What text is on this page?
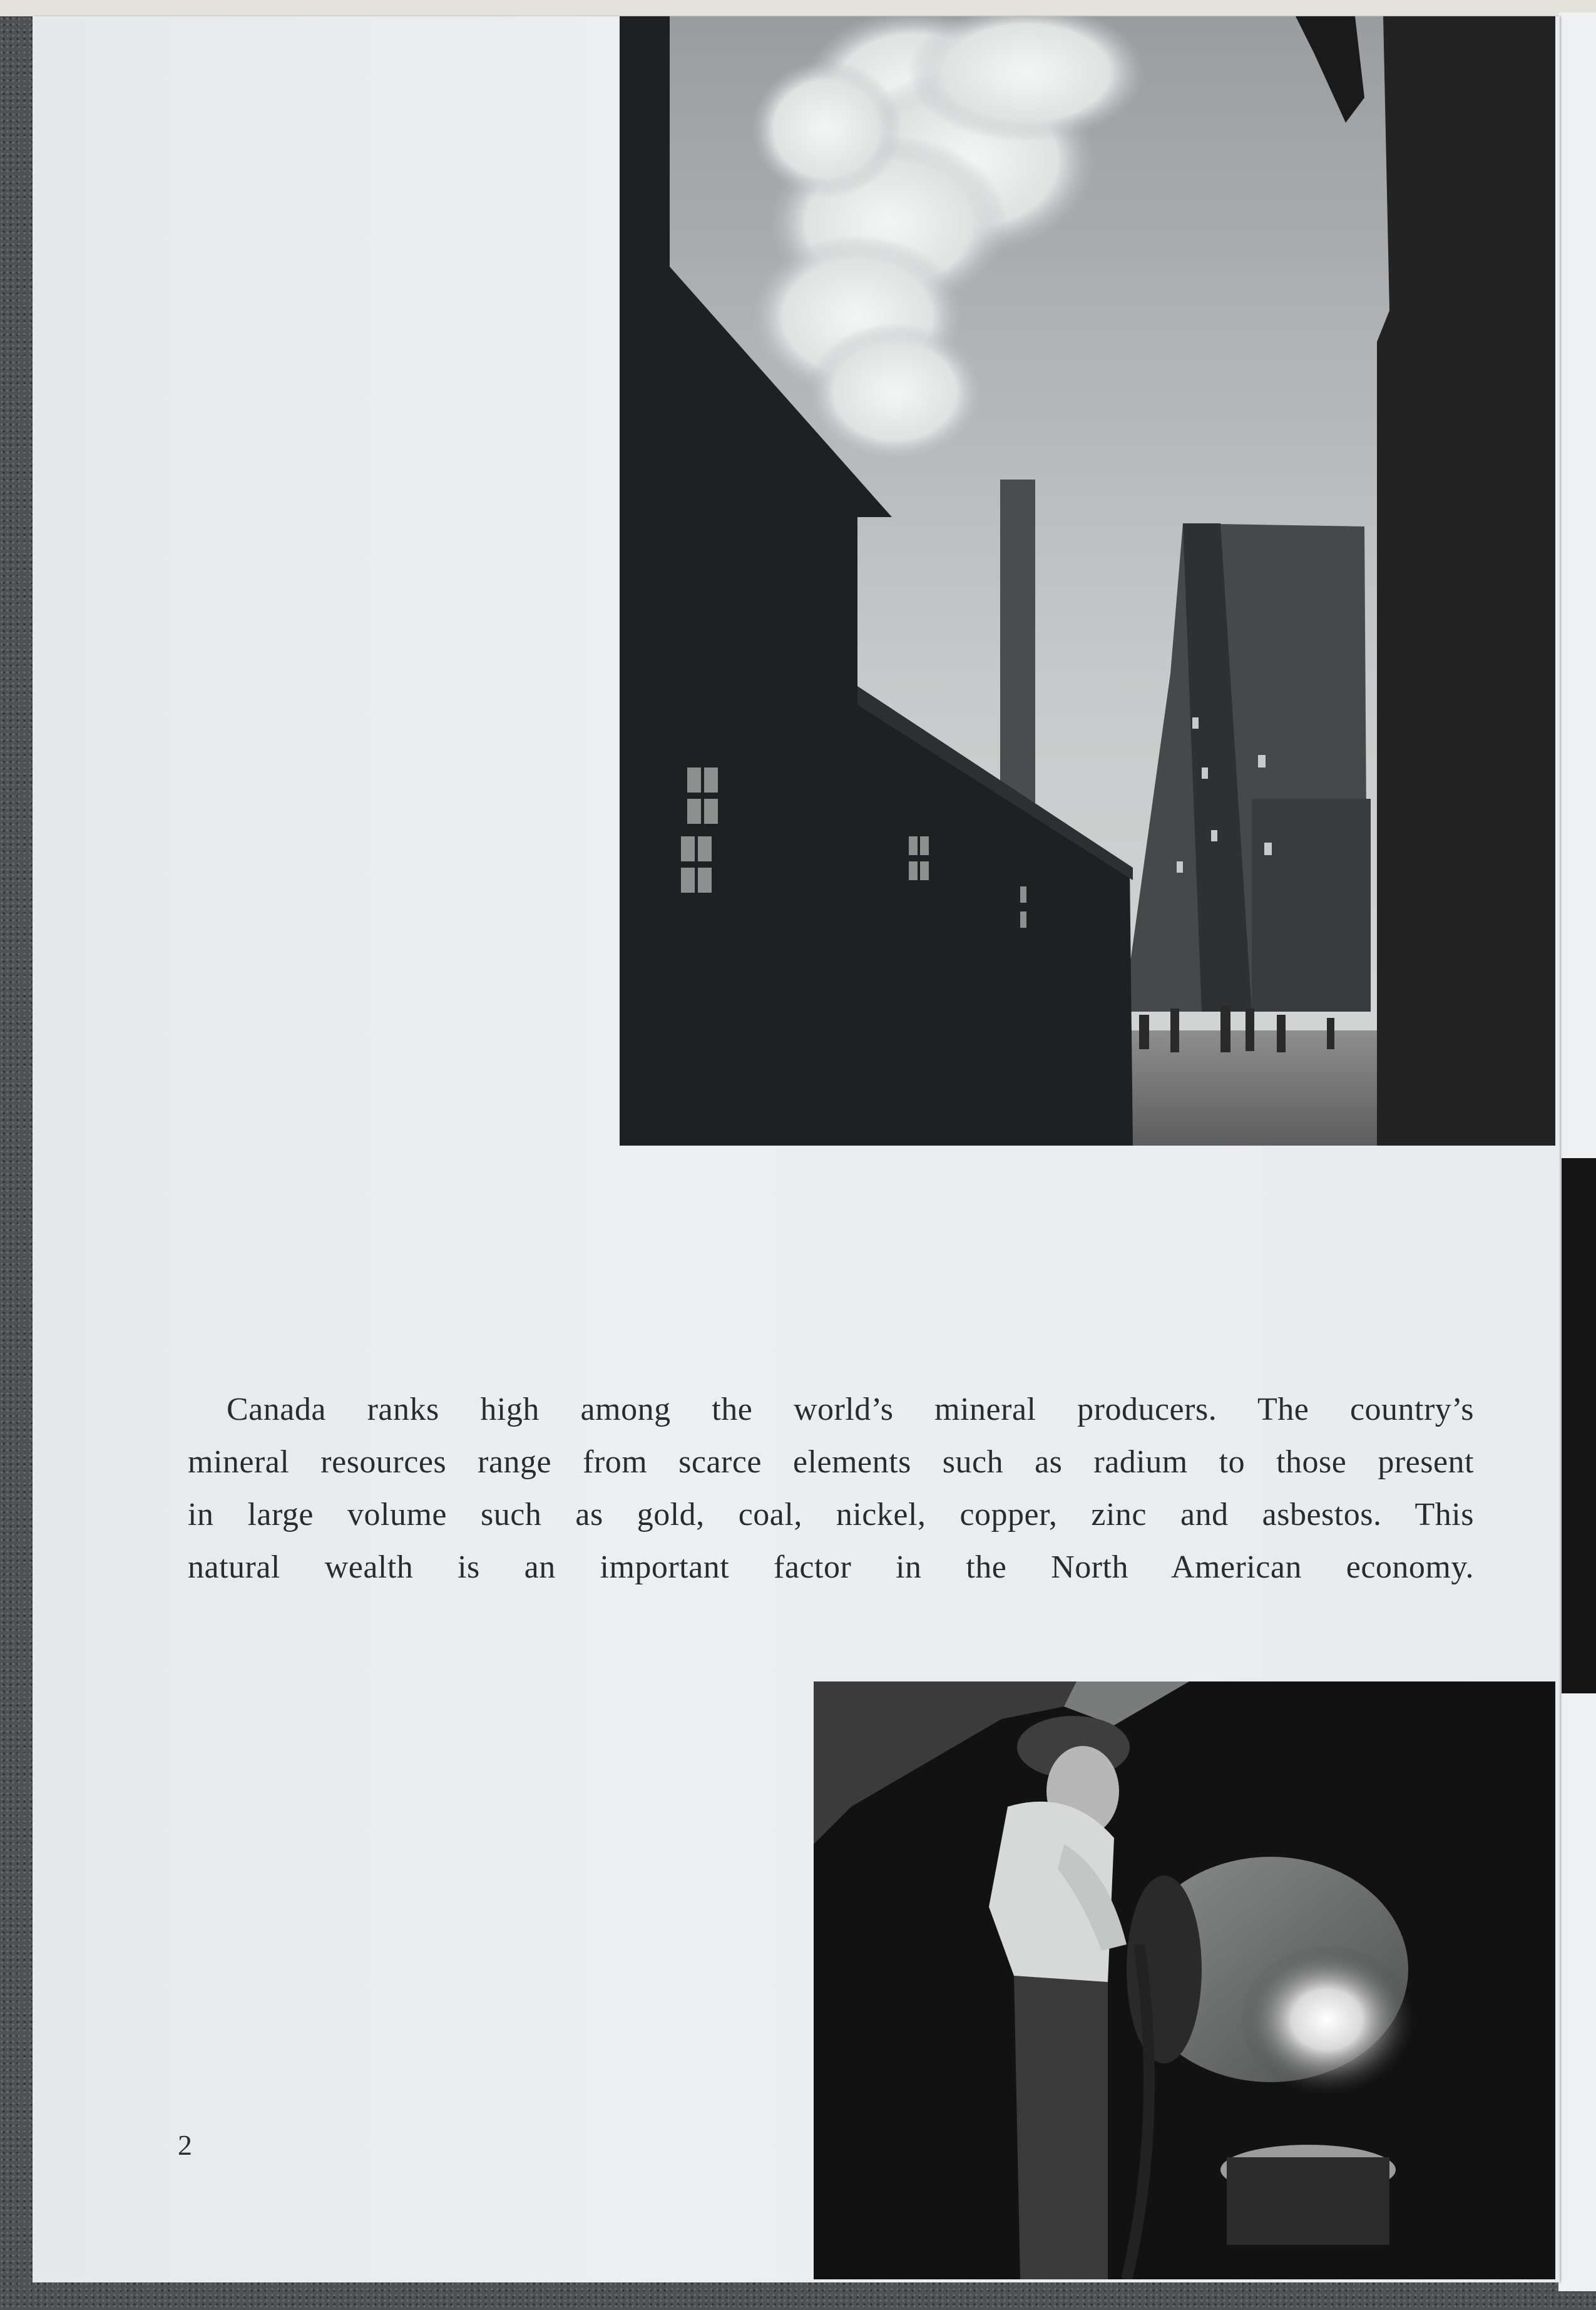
Canada ranks high among the world’s mineral producers. The country’s
mineral resources range from scarce elements such as radium to those present
in large volume such as gold, coal, nickel, copper, zinc and asbestos. This
natural wealth is an important factor in the North American economy.
2
